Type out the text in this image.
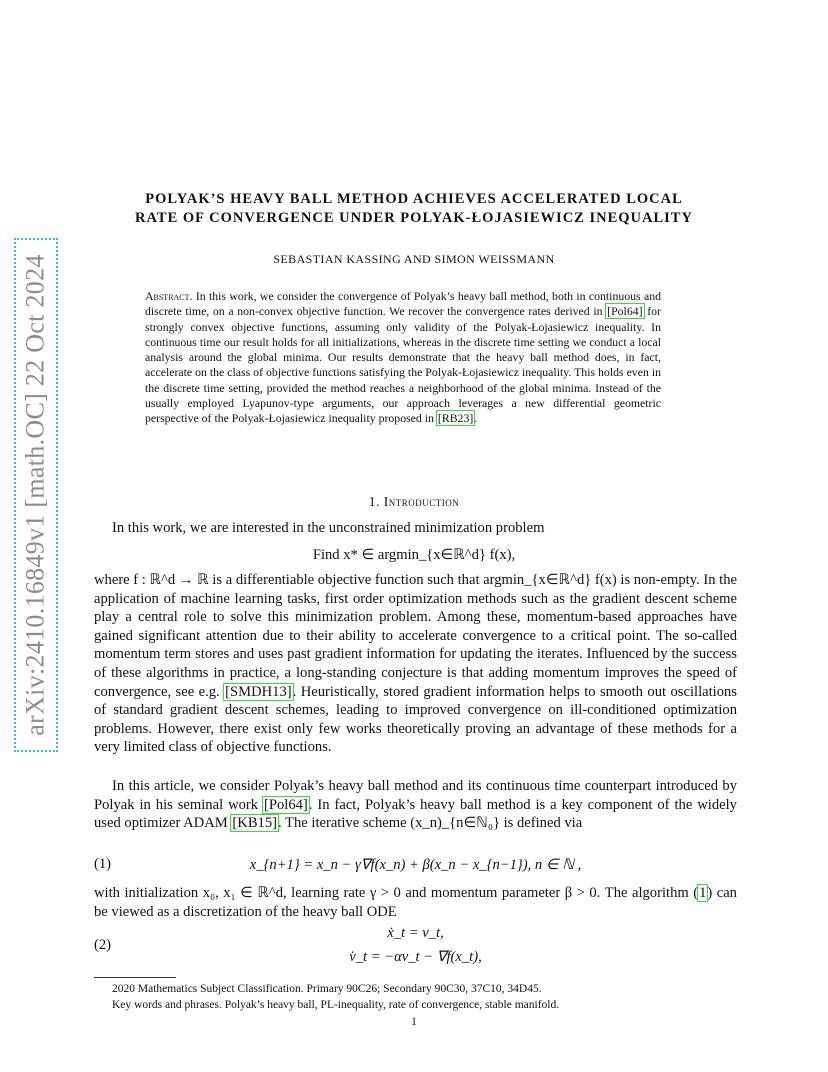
arXiv:2410.16849v1 [math.OC] 22 Oct 2024
POLYAK’S HEAVY BALL METHOD ACHIEVES ACCELERATED LOCAL
RATE OF CONVERGENCE UNDER POLYAK-ŁOJASIEWICZ INEQUALITY
SEBASTIAN KASSING AND SIMON WEISSMANN
Abstract. In this work, we consider the convergence of Polyak’s heavy ball method, both in continuous and discrete time, on a non-convex objective function. We recover the convergence rates derived in [Pol64] for strongly convex objective functions, assuming only validity of the Polyak-Łojasiewicz inequality. In continuous time our result holds for all initializations, whereas in the discrete time setting we conduct a local analysis around the global minima. Our results demonstrate that the heavy ball method does, in fact, accelerate on the class of objective functions satisfying the Polyak-Łojasiewicz inequality. This holds even in the discrete time setting, provided the method reaches a neighborhood of the global minima. Instead of the usually employed Lyapunov-type arguments, our approach leverages a new differential geometric perspective of the Polyak-Łojasiewicz inequality proposed in [RB23].
1. Introduction

In this work, we are interested in the unconstrained minimization problem

Find x* ∈ argmin_{x∈ℝ^d} f(x),

where f : ℝ^d → ℝ is a differentiable objective function such that argmin_{x∈ℝ^d} f(x) is non-empty. In the application of machine learning tasks, first order optimization methods such as the gradient descent scheme play a central role to solve this minimization problem. Among these, momentum-based approaches have gained significant attention due to their ability to accelerate convergence to a critical point. The so-called momentum term stores and uses past gradient information for updating the iterates. Influenced by the success of these algorithms in practice, a long-standing conjecture is that adding momentum improves the speed of convergence, see e.g. [SMDH13]. Heuristically, stored gradient information helps to smooth out oscillations of standard gradient descent schemes, leading to improved convergence on ill-conditioned optimization problems. However, there exist only few works theoretically proving an advantage of these methods for a very limited class of objective functions.

In this article, we consider Polyak’s heavy ball method and its continuous time counterpart introduced by Polyak in his seminal work [Pol64]. In fact, Polyak’s heavy ball method is a key component of the widely used optimizer ADAM [KB15]. The iterative scheme (x_n)_{n∈ℕ₀} is defined via

(1)	x_{n+1} = x_n − γ∇f(x_n) + β(x_n − x_{n−1}), n ∈ ℕ ,

with initialization x₀, x₁ ∈ ℝ^d, learning rate γ > 0 and momentum parameter β > 0. The algorithm (1) can be viewed as a discretization of the heavy ball ODE

(2)
ẋ_t = v_t,
v̇_t = −αv_t − ∇f(x_t),
2020 Mathematics Subject Classification. Primary 90C26; Secondary 90C30, 37C10, 34D45.
Key words and phrases. Polyak’s heavy ball, PL-inequality, rate of convergence, stable manifold.
1
